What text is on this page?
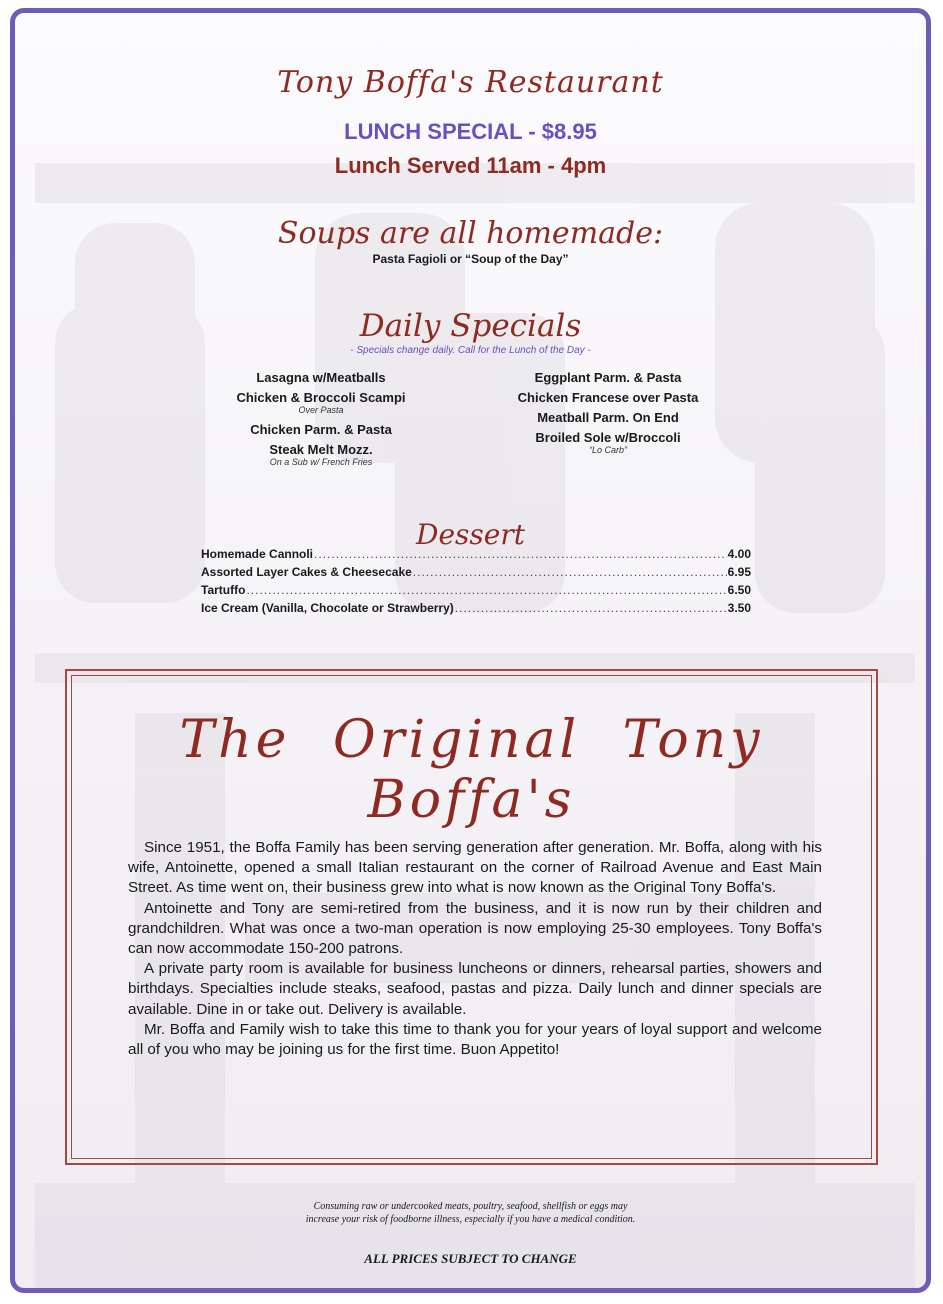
Tony Boffa's Restaurant
LUNCH SPECIAL - $8.95
Lunch Served 11am - 4pm
Soups are all homemade:
Pasta Fagioli or “Soup of the Day”
Daily Specials
- Specials change daily. Call for the Lunch of the Day -
Lasagna w/Meatballs
Chicken & Broccoli Scampi
Over Pasta
Chicken Parm. & Pasta
Steak Melt Mozz.
On a Sub w/ French Fries
Eggplant Parm. & Pasta
Chicken Francese over Pasta
Meatball Parm. On End
Broiled Sole w/Broccoli
“Lo Carb”
Dessert
Homemade Cannoli .....	4.00
Assorted Layer Cakes & Cheesecake .....	6.95
Tartuffo .....	6.50
Ice Cream (Vanilla, Chocolate or Strawberry) .....	3.50
The Original Tony Boffa's

Since 1951, the Boffa Family has been serving generation after generation. Mr. Boffa, along with his wife, Antoinette, opened a small Italian restaurant on the corner of Railroad Avenue and East Main Street. As time went on, their business grew into what is now known as the Original Tony Boffa's.

Antoinette and Tony are semi-retired from the business, and it is now run by their children and grandchildren. What was once a two-man operation is now employing 25-30 employees. Tony Boffa's can now accommodate 150-200 patrons.

A private party room is available for business luncheons or dinners, rehearsal parties, showers and birthdays. Specialties include steaks, seafood, pastas and pizza. Daily lunch and dinner specials are available. Dine in or take out. Delivery is available.

Mr. Boffa and Family wish to take this time to thank you for your years of loyal support and welcome all of you who may be joining us for the first time. Buon Appetito!

Consuming raw or undercooked meats, poultry, seafood, shellfish or eggs may
increase your risk of foodborne illness, especially if you have a medical condition.
ALL PRICES SUBJECT TO CHANGE
